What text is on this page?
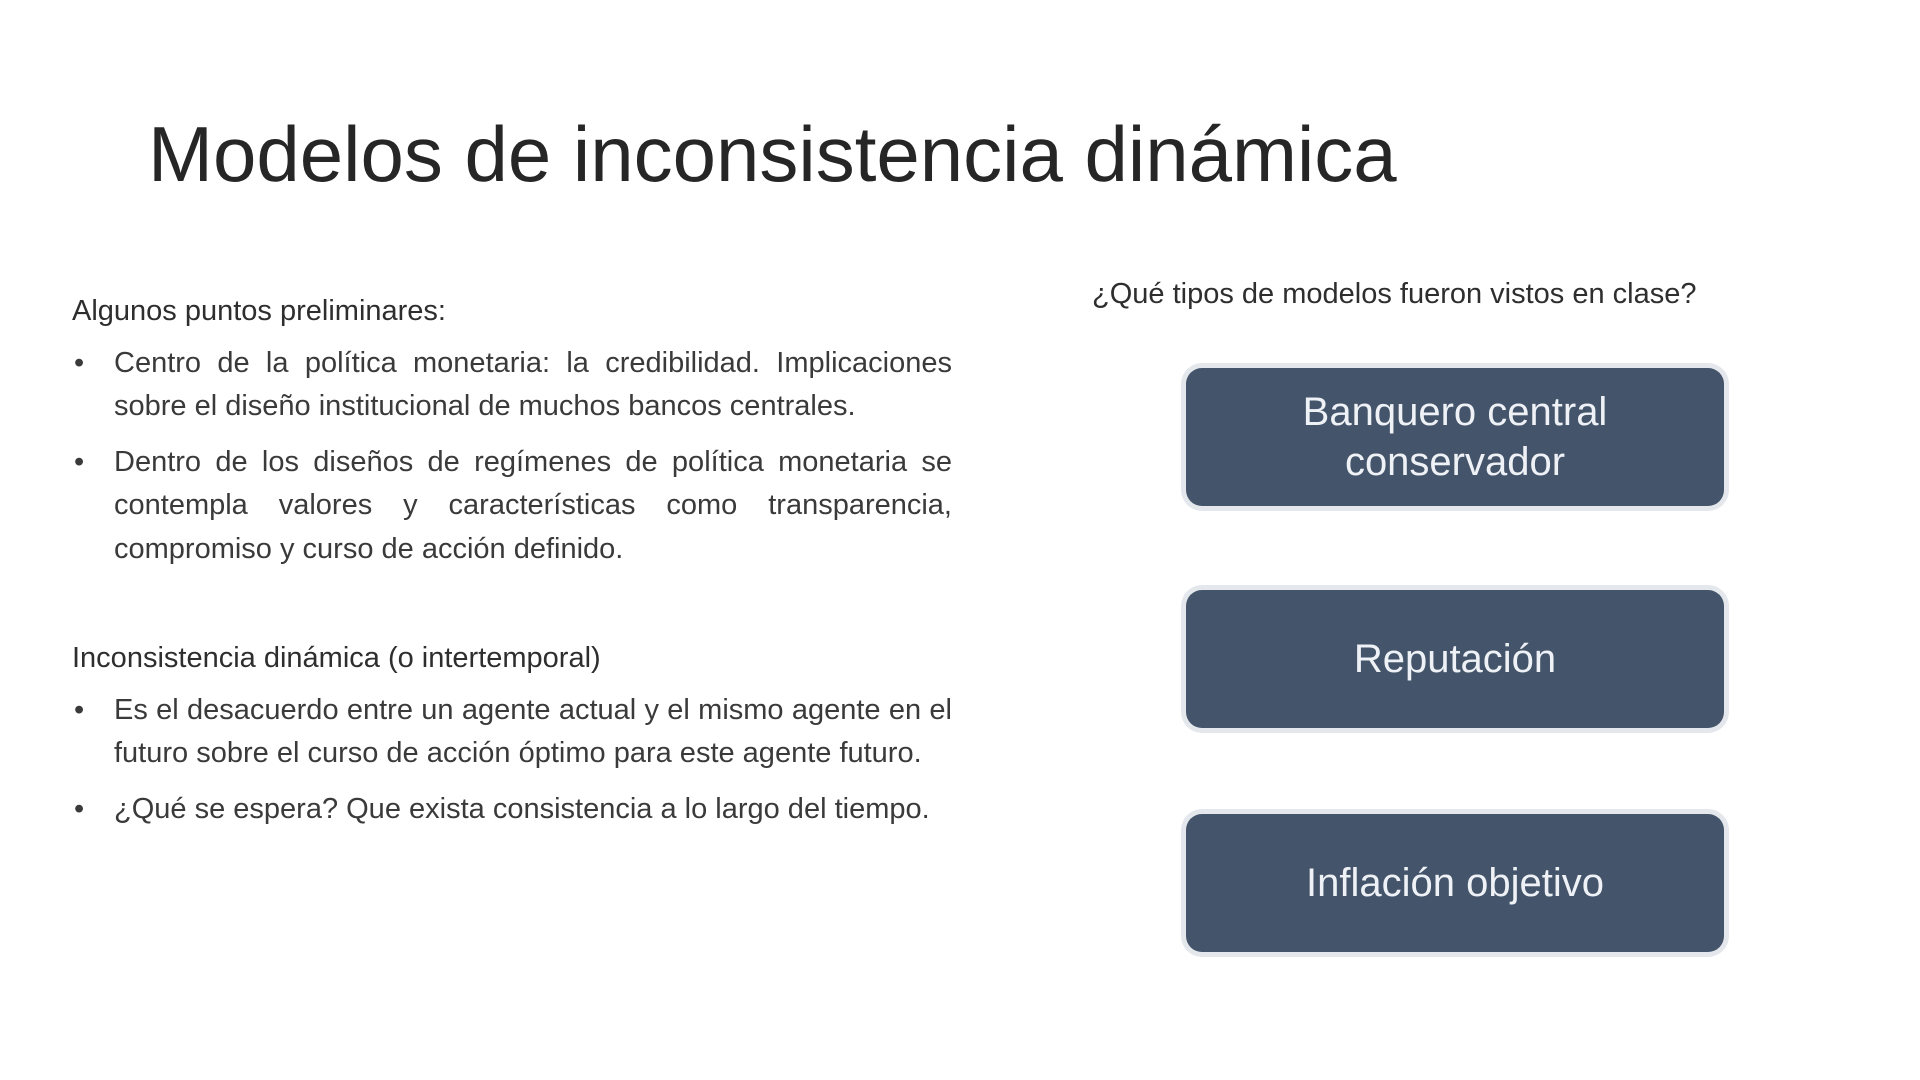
Modelos de inconsistencia dinámica
Algunos puntos preliminares:
• Centro de la política monetaria: la credibilidad. Implicaciones sobre el diseño institucional de muchos bancos centrales.
• Dentro de los diseños de regímenes de política monetaria se contempla valores y características como transparencia, compromiso y curso de acción definido.
Inconsistencia dinámica (o intertemporal)
• Es el desacuerdo entre un agente actual y el mismo agente en el futuro sobre el curso de acción óptimo para este agente futuro.
• ¿Qué se espera? Que exista consistencia a lo largo del tiempo.
¿Qué tipos de modelos fueron vistos en clase?
Banquero central conservador
Reputación
Inflación objetivo
